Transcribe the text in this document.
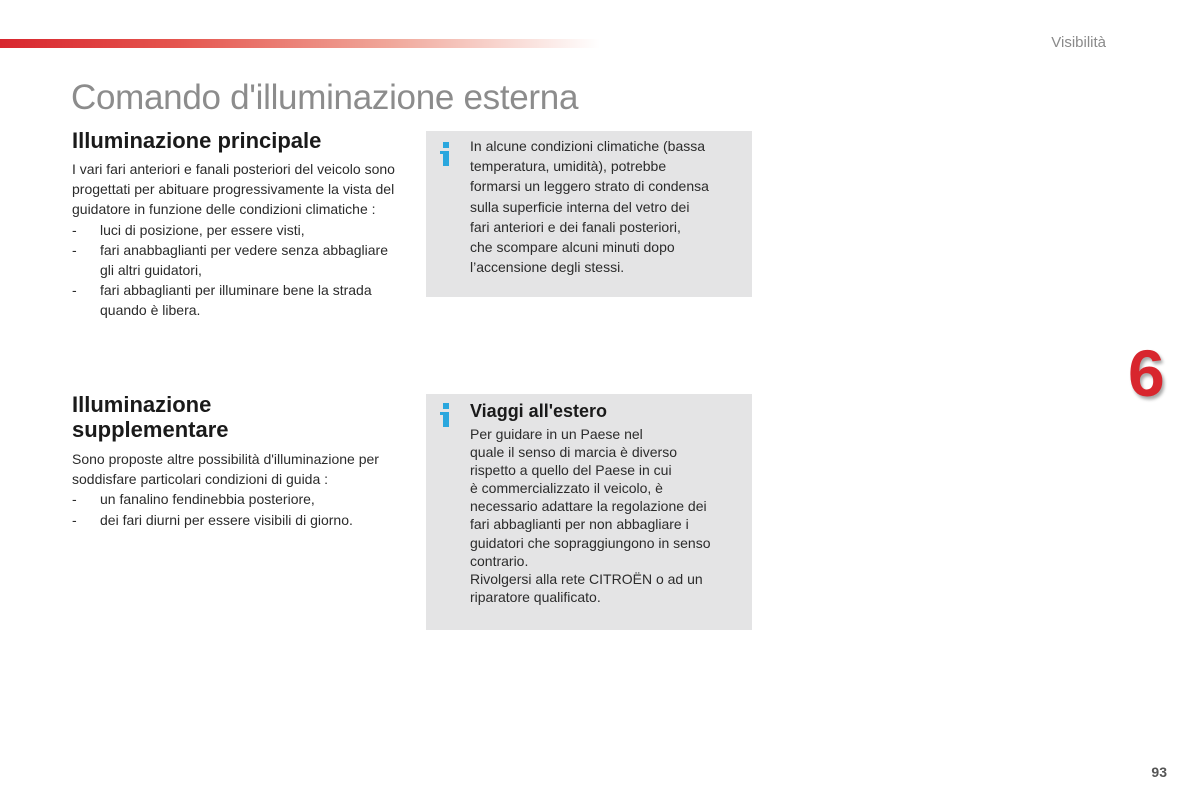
Visibilità
Comando d'illuminazione esterna
Illuminazione principale

I vari fari anteriori e fanali posteriori del veicolo sono progettati per abituare progressivamente la vista del guidatore in funzione delle condizioni climatiche :

- luci di posizione, per essere visti,
- fari anabbaglianti per vedere senza abbagliare gli altri guidatori,
- fari abbaglianti per illuminare bene la strada quando è libera.
Illuminazione
supplementare

Sono proposte altre possibilità d'illuminazione per soddisfare particolari condizioni di guida :

- un fanalino fendinebbia posteriore,
- dei fari diurni per essere visibili di giorno.
In alcune condizioni climatiche (bassa
temperatura, umidità), potrebbe
formarsi un leggero strato di condensa
sulla superficie interna del vetro dei
fari anteriori e dei fanali posteriori,
che scompare alcuni minuti dopo
l’accensione degli stessi.
Viaggi all'estero
Per guidare in un Paese nel
quale il senso di marcia è diverso
rispetto a quello del Paese in cui
è commercializzato il veicolo, è
necessario adattare la regolazione dei
fari abbaglianti per non abbagliare i
guidatori che sopraggiungono in senso
contrario.
Rivolgersi alla rete CITROËN o ad un
riparatore qualificato.
6
93
